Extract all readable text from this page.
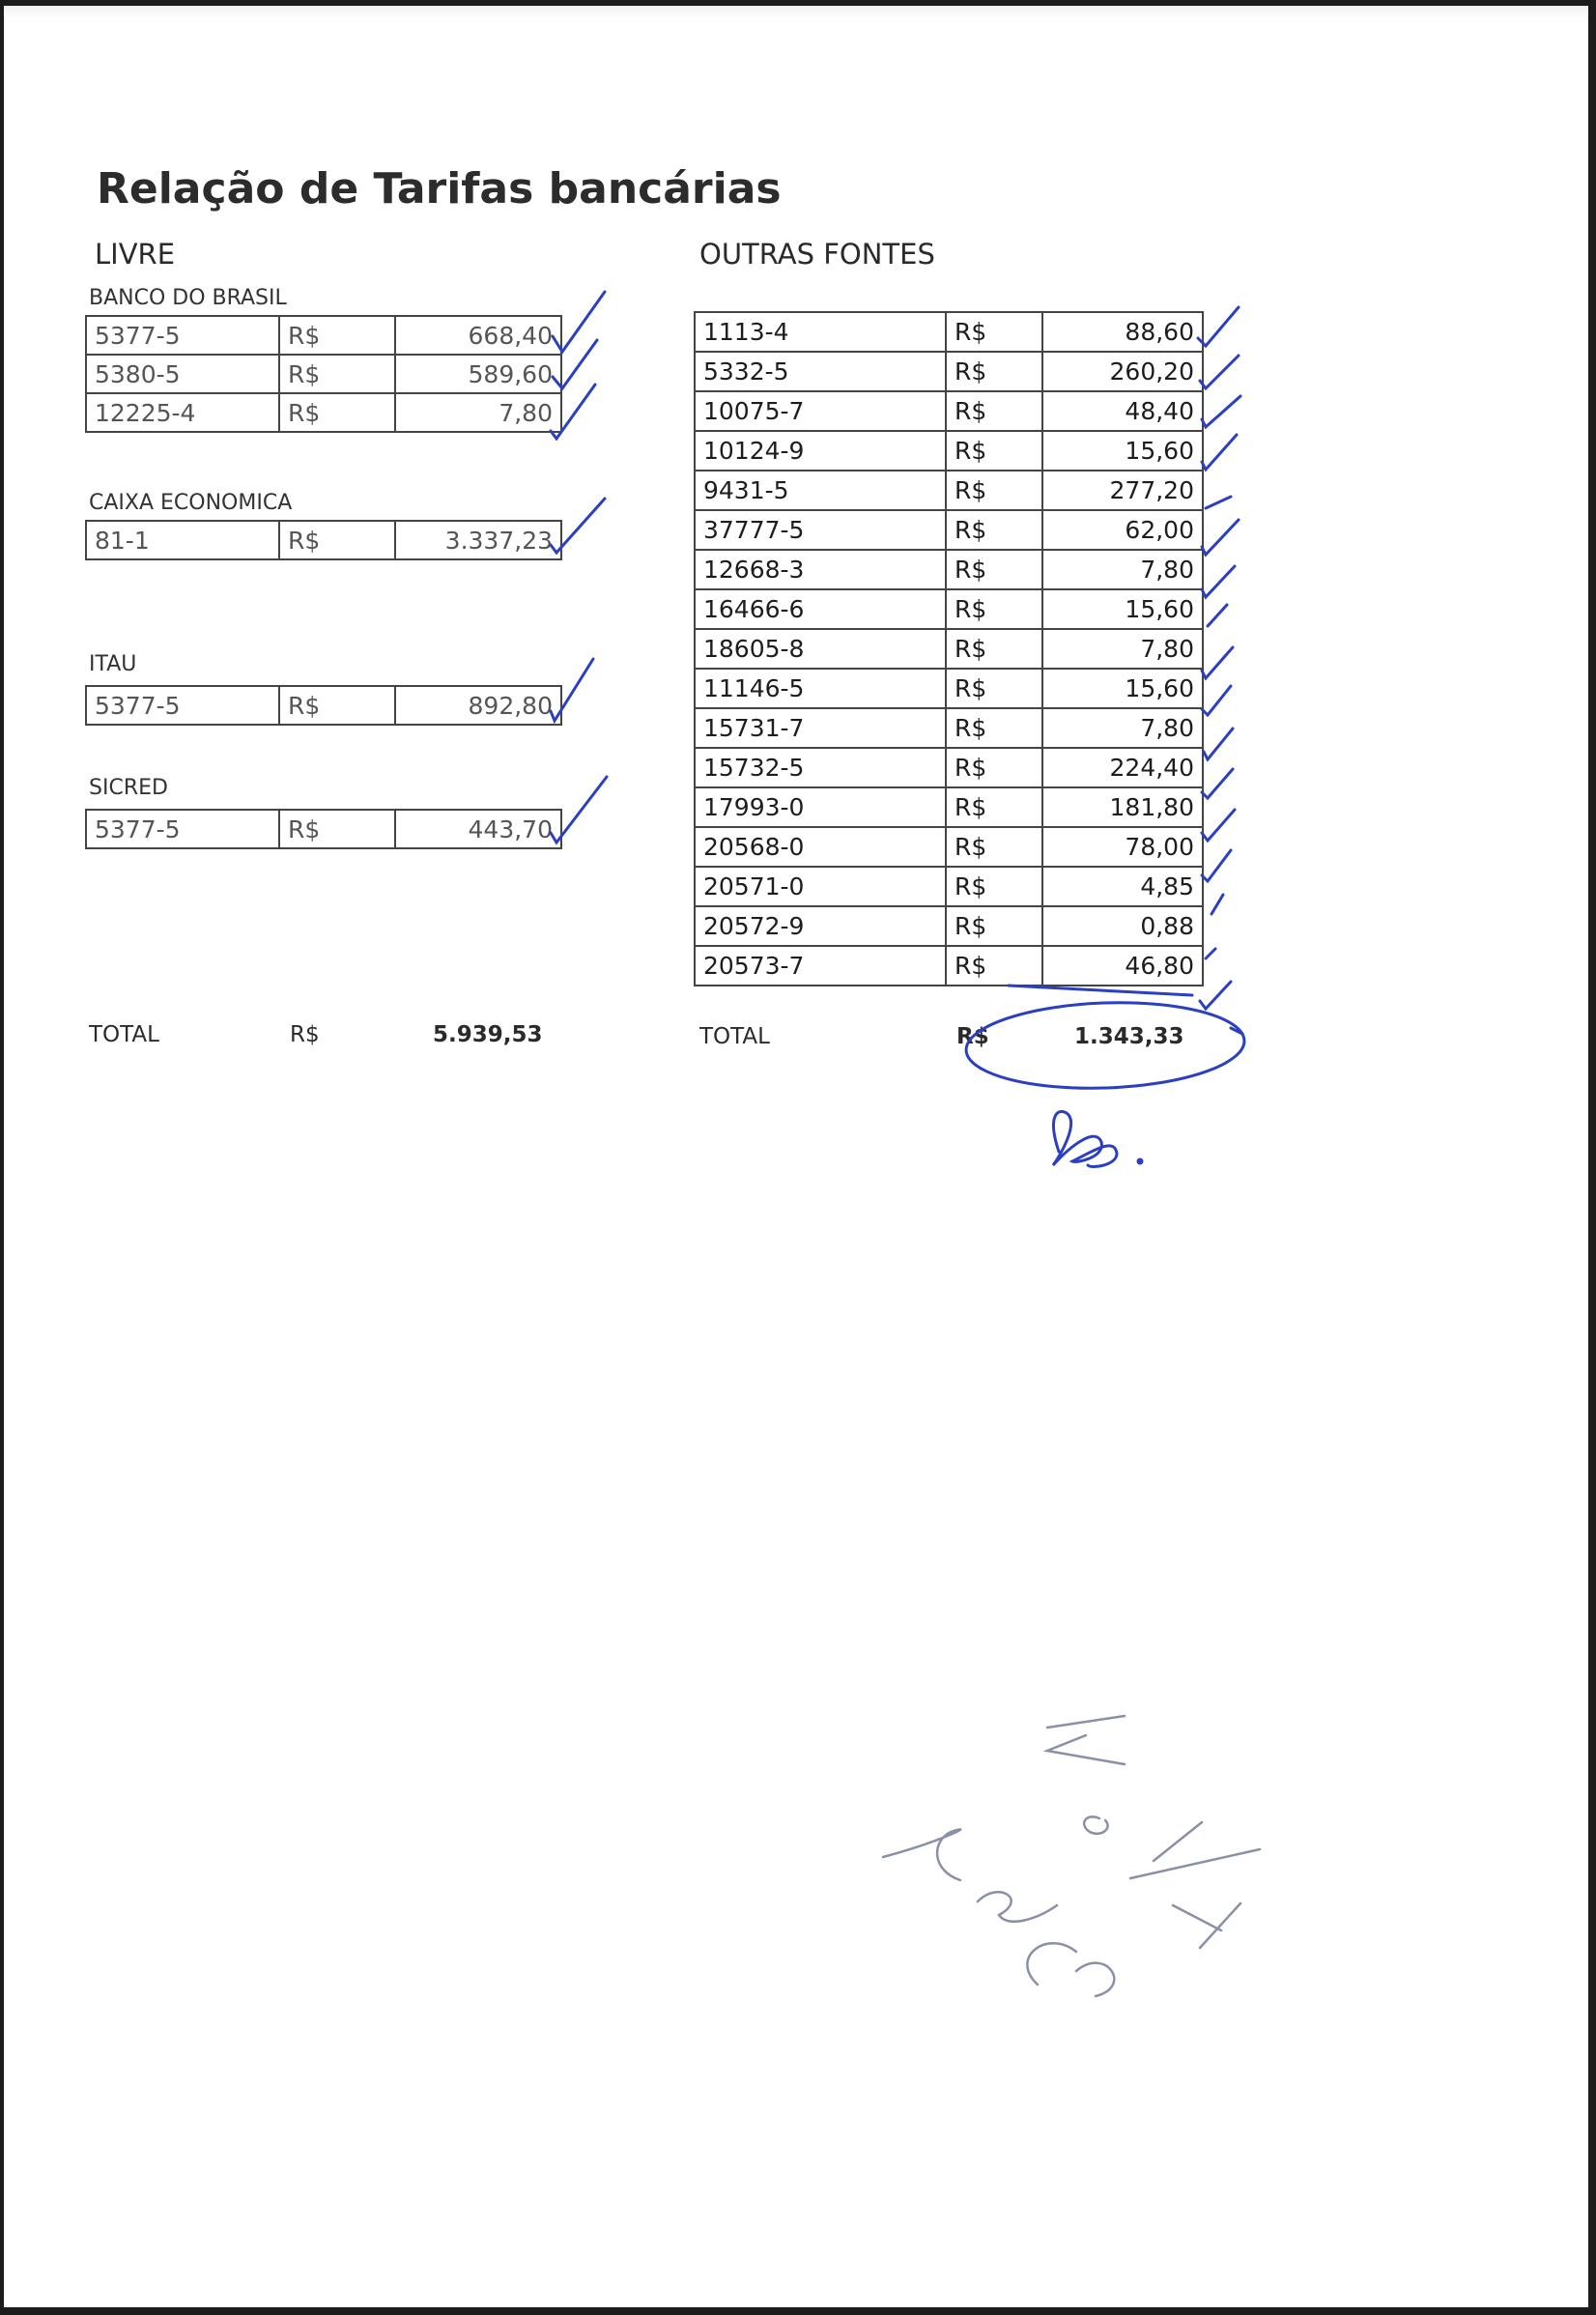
Relação de Tarifas bancárias
LIVRE
BANCO DO BRASIL
5377-5	R$	668,40
5380-5	R$	589,60
12225-4	R$	7,80
CAIXA ECONOMICA
81-1	R$	3.337,23
ITAU
5377-5	R$	892,80
SICRED
5377-5	R$	443,70
TOTAL	R$	5.939,53
OUTRAS FONTES
1113-4	R$	88,60
5332-5	R$	260,20
10075-7	R$	48,40
10124-9	R$	15,60
9431-5	R$	277,20
37777-5	R$	62,00
12668-3	R$	7,80
16466-6	R$	15,60
18605-8	R$	7,80
11146-5	R$	15,60
15731-7	R$	7,80
15732-5	R$	224,40
17993-0	R$	181,80
20568-0	R$	78,00
20571-0	R$	4,85
20572-9	R$	0,88
20573-7	R$	46,80
TOTAL	R$	1.343,33
